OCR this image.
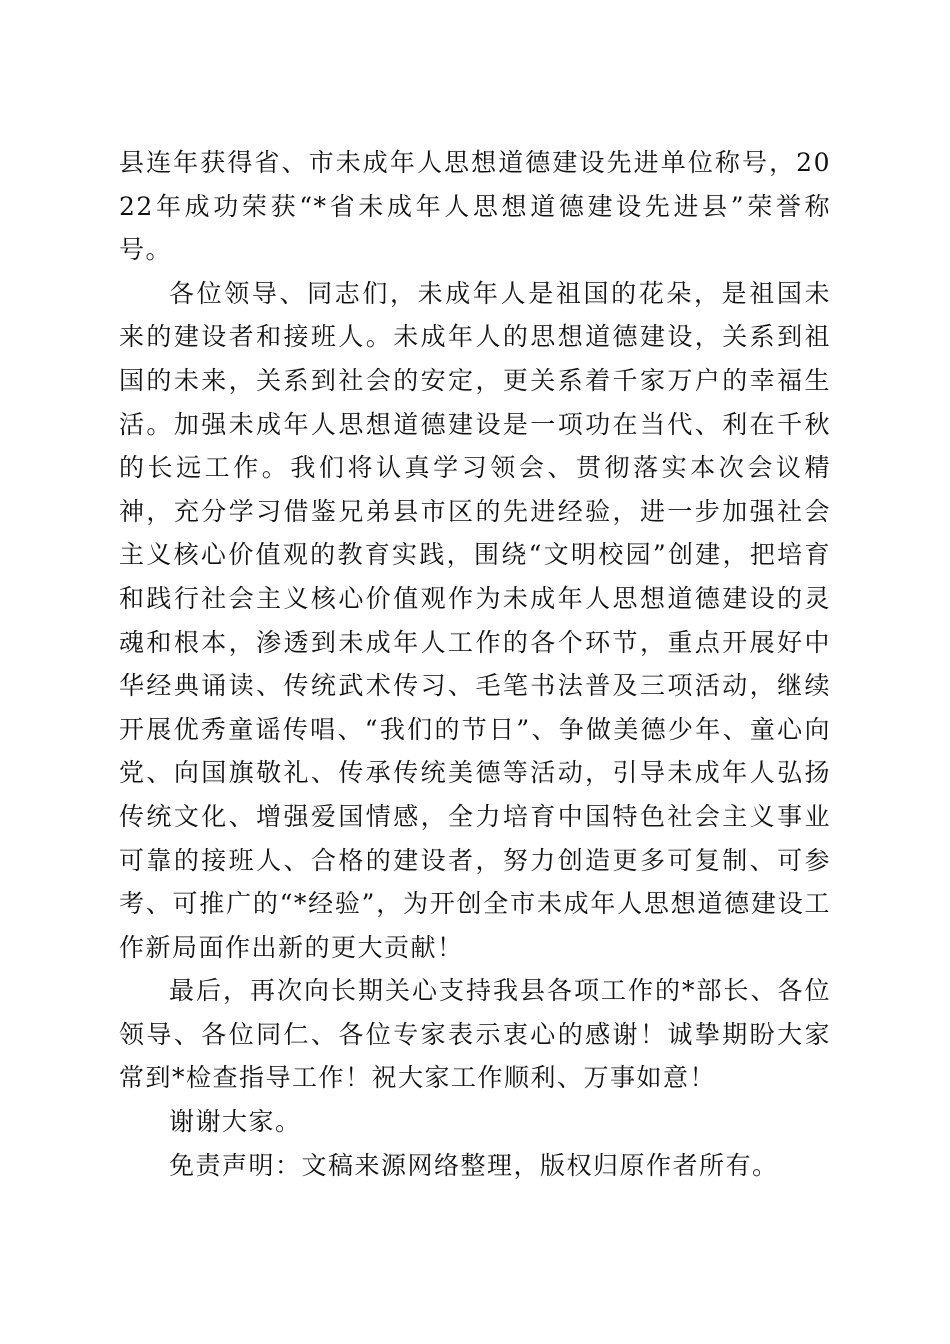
县连年获得省、市未成年人思想道德建设先进单位称号，2022年成功荣获“*省未成年人思想道德建设先进县”荣誉称号。

各位领导、同志们，未成年人是祖国的花朵，是祖国未来的建设者和接班人。未成年人的思想道德建设，关系到祖国的未来，关系到社会的安定，更关系着千家万户的幸福生活。加强未成年人思想道德建设是一项功在当代、利在千秋的长远工作。我们将认真学习领会、贯彻落实本次会议精神，充分学习借鉴兄弟县市区的先进经验，进一步加强社会主义核心价值观的教育实践，围绕“文明校园”创建，把培育和践行社会主义核心价值观作为未成年人思想道德建设的灵魂和根本，渗透到未成年人工作的各个环节，重点开展好中华经典诵读、传统武术传习、毛笔书法普及三项活动，继续开展优秀童谣传唱、“我们的节日”、争做美德少年、童心向党、向国旗敬礼、传承传统美德等活动，引导未成年人弘扬传统文化、增强爱国情感，全力培育中国特色社会主义事业可靠的接班人、合格的建设者，努力创造更多可复制、可参考、可推广的“*经验”，为开创全市未成年人思想道德建设工作新局面作出新的更大贡献！

最后，再次向长期关心支持我县各项工作的*部长、各位领导、各位同仁、各位专家表示衷心的感谢！诚挚期盼大家常到*检查指导工作！祝大家工作顺利、万事如意！

谢谢大家。

免责声明：文稿来源网络整理，版权归原作者所有。
